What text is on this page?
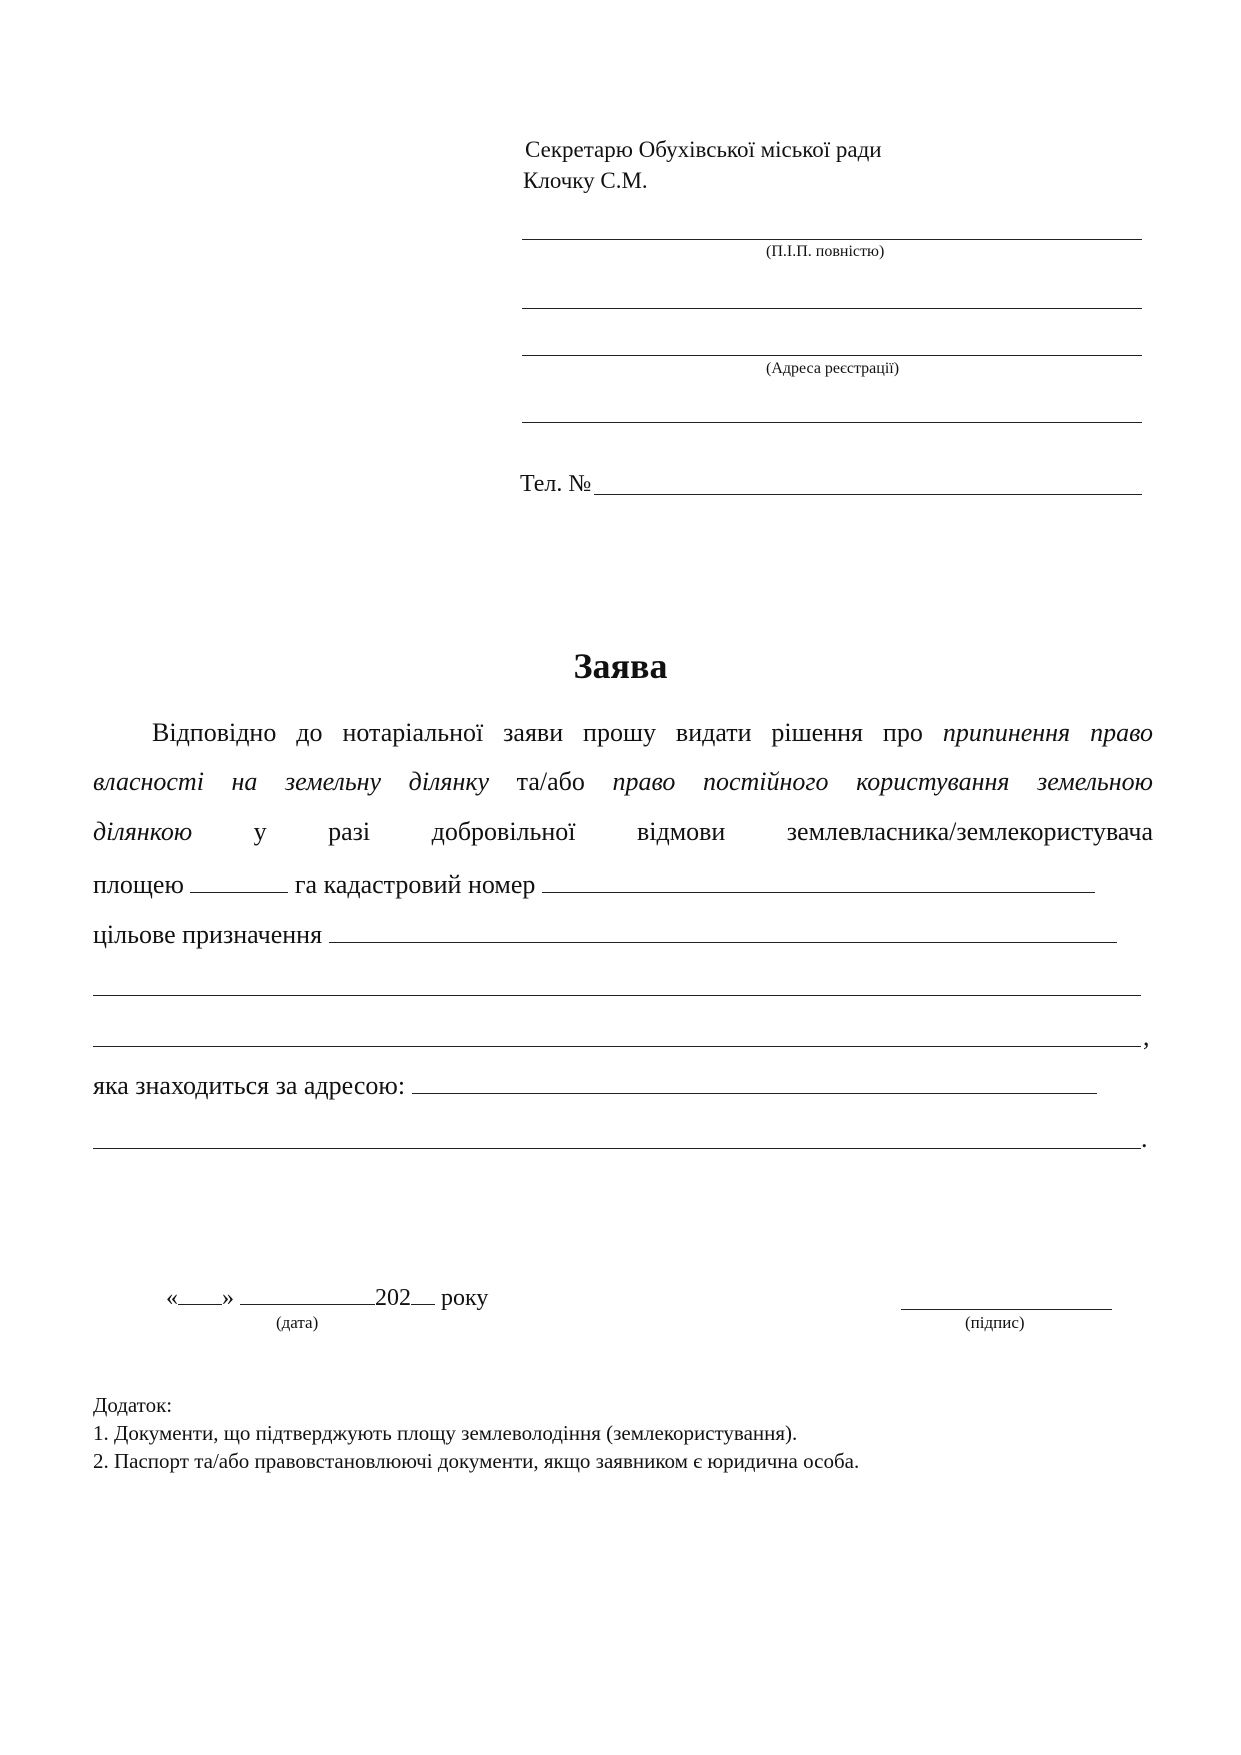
Секретарю Обухівської міської ради
Клочку С.М.
(П.І.П. повністю)
(Адреса реєстрації)
Тел. №
Заява
Відповідно до нотаріальної заяви прошу видати рішення про припинення право
власності на земельну ділянку та/або право постійного користування земельною
ділянкою у разі добровільної відмови землевласника/землекористувача
площею	га кадастровий номер
цільове призначення
,
яка знаходиться за адресою:
.
« »	202 року
(дата)	(підпис)
Додаток:
1. Документи, що підтверджують площу землеволодіння (землекористування).
2. Паспорт та/або правовстановлюючі документи, якщо заявником є юридична особа.
